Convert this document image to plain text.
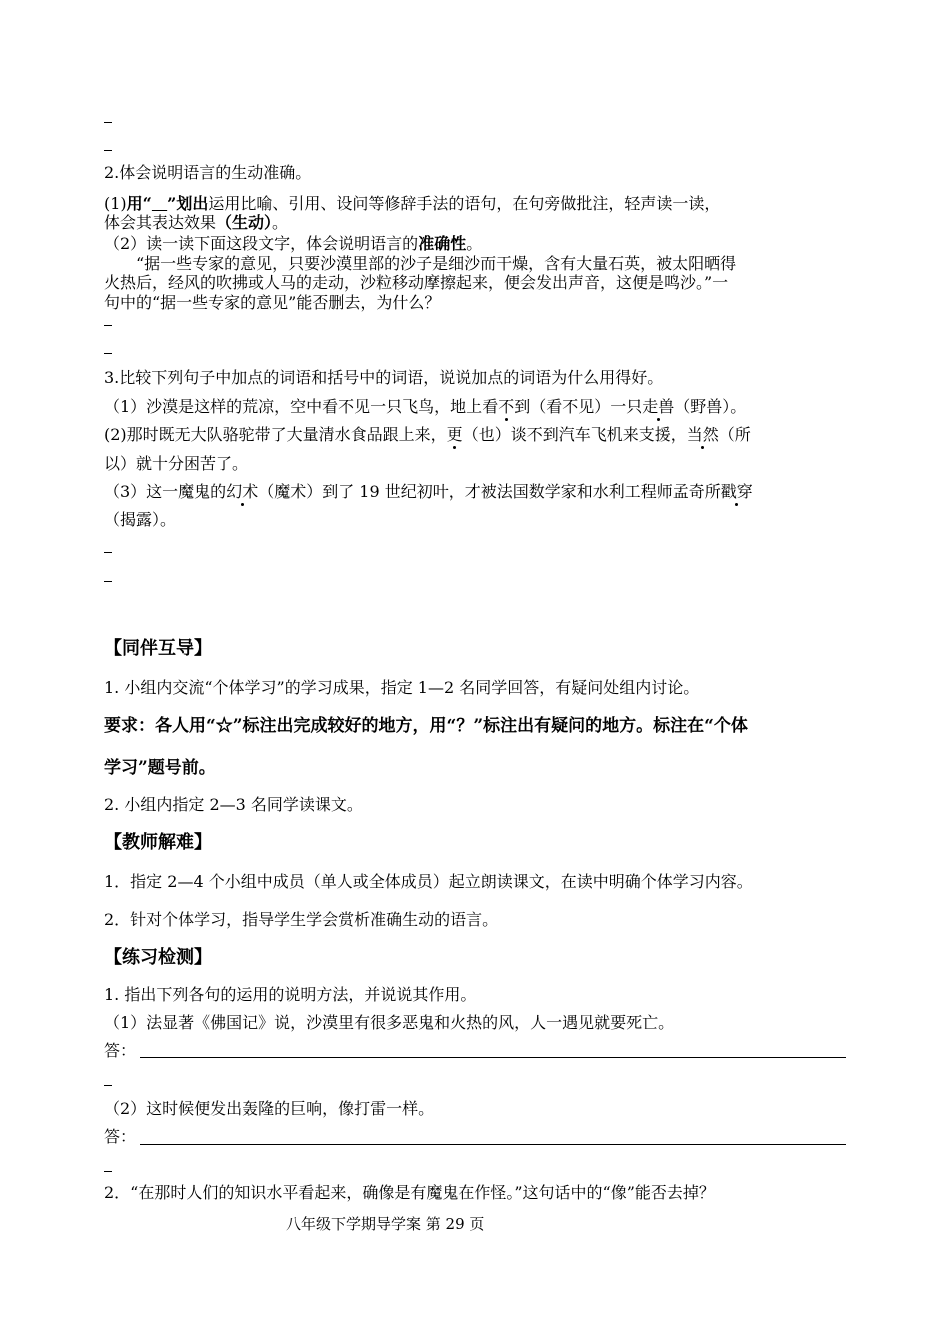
2.体会说明语言的生动准确。
(1)用“ ”划出运用比喻、引用、设问等修辞手法的语句，在句旁做批注，轻声读一读，
体会其表达效果（生动）。
（2）读一读下面这段文字，体会说明语言的准确性。
“据一些专家的意见，只要沙漠里部的沙子是细沙而干燥，含有大量石英，被太阳晒得
火热后，经风的吹拂或人马的走动，沙粒移动摩擦起来，便会发出声音，这便是鸣沙。”一
句中的“据一些专家的意见”能否删去，为什么？
3.比较下列句子中加点的词语和括号中的词语，说说加点的词语为什么用得好。
（1）沙漠是这样的荒凉，空中看不见一只飞鸟，地上看不到（看不见）一只走兽（野兽）。
(2)那时既无大队骆驼带了大量清水食品跟上来，更（也）谈不到汽车飞机来支援，当然（所
以）就十分困苦了。
（3）这一魔鬼的幻术（魔术）到了 19 世纪初叶，才被法国数学家和水利工程师孟奇所戳穿
（揭露）。
【同伴互导】
1. 小组内交流“个体学习”的学习成果，指定 1—2 名同学回答，有疑问处组内讨论。
要求：各人用“☆”标注出完成较好的地方，用“？”标注出有疑问的地方。标注在“个体
学习”题号前。
2. 小组内指定 2—3 名同学读课文。
【教师解难】
1．指定 2—4 个小组中成员（单人或全体成员）起立朗读课文，在读中明确个体学习内容。
2．针对个体学习，指导学生学会赏析准确生动的语言。
【练习检测】
1. 指出下列各句的运用的说明方法，并说说其作用。
（1）法显著《佛国记》说，沙漠里有很多恶鬼和火热的风，人一遇见就要死亡。
答：
（2）这时候便发出轰隆的巨响，像打雷一样。
答：
2．“在那时人们的知识水平看起来，确像是有魔鬼在作怪。”这句话中的“像”能否去掉？
八年级下学期导学案 第 29 页
